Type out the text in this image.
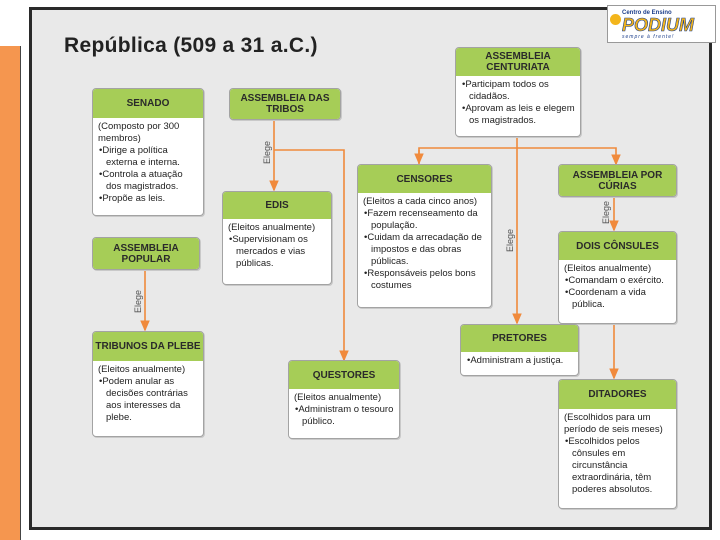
República (509 a 31 a.C.)
Centro de Ensino
PODIUM
sempre à frente!
Elege
Elege
Elege
Elege
SENADO
(Composto por 300 membros)
• Dirige a política externa e interna.
• Controla a atuação dos magistrados.
• Propõe as leis.
ASSEMBLEIA DAS TRIBOS
ASSEMBLEIA CENTURIATA
• Participam todos os cidadãos.
• Aprovam as leis e elegem os magistrados.
ASSEMBLEIA POPULAR
EDIS
(Eleitos anualmente)
• Supervisionam os mercados e vias públicas.
CENSORES
(Eleitos a cada cinco anos)
• Fazem recenseamento da população.
• Cuidam da arrecadação de impostos e das obras públicas.
• Responsáveis pelos bons costumes
ASSEMBLEIA POR CÚRIAS
DOIS CÔNSULES
(Eleitos anualmente)
• Comandam o exército.
• Coordenam a vida pública.
TRIBUNOS DA PLEBE
(Eleitos anualmente)
• Podem anular as decisões contrárias aos interesses da plebe.
PRETORES
• Administram a justiça.
QUESTORES
(Eleitos anualmente)
• Administram o tesouro público.
DITADORES
(Escolhidos para um período de seis meses)
• Escolhidos pelos cônsules em circunstância extraordinária, têm poderes absolutos.
